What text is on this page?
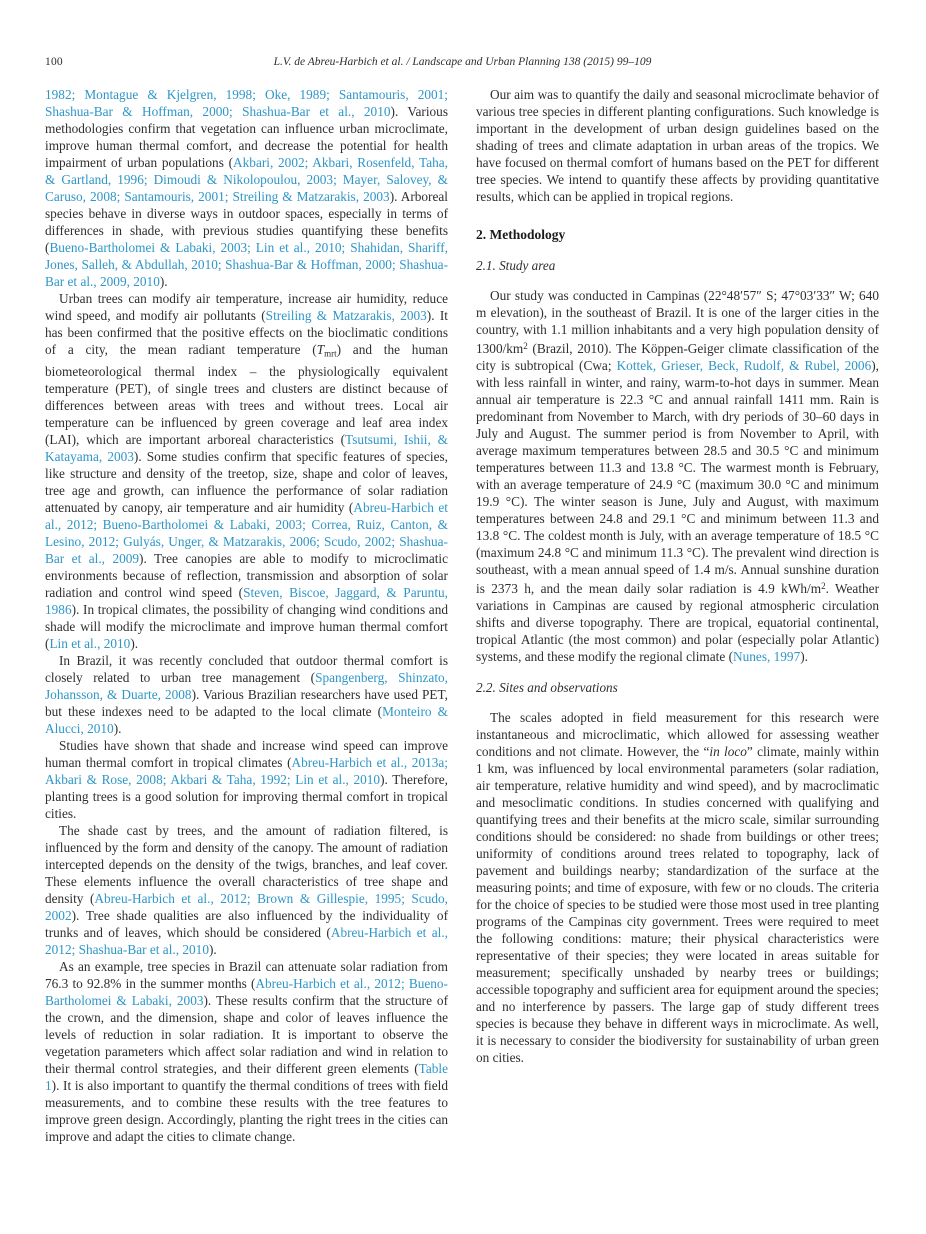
100	L.V. de Abreu-Harbich et al. / Landscape and Urban Planning 138 (2015) 99–109

1982; Montague & Kjelgren, 1998; Oke, 1989; Santamouris, 2001; Shashua-Bar & Hoffman, 2000; Shashua-Bar et al., 2010). Various methodologies confirm that vegetation can influence urban microclimate, improve human thermal comfort, and decrease the potential for health impairment of urban populations (Akbari, 2002; Akbari, Rosenfeld, Taha, & Gartland, 1996; Dimoudi & Nikolopoulou, 2003; Mayer, Salovey, & Caruso, 2008; Santamouris, 2001; Streiling & Matzarakis, 2003). Arboreal species behave in diverse ways in outdoor spaces, especially in terms of differences in shade, with previous studies quantifying these benefits (Bueno-Bartholomei & Labaki, 2003; Lin et al., 2010; Shahidan, Shariff, Jones, Salleh, & Abdullah, 2010; Shashua-Bar & Hoffman, 2000; Shashua-Bar et al., 2009, 2010).

Urban trees can modify air temperature, increase air humidity, reduce wind speed, and modify air pollutants (Streiling & Matzarakis, 2003). It has been confirmed that the positive effects on the bioclimatic conditions of a city, the mean radiant temperature (Tmrt) and the human biometeorological thermal index – the physiologically equivalent temperature (PET), of single trees and clusters are distinct because of differences between areas with trees and without trees. Local air temperature can be influenced by green coverage and leaf area index (LAI), which are important arboreal characteristics (Tsutsumi, Ishii, & Katayama, 2003). Some studies confirm that specific features of species, like structure and density of the treetop, size, shape and color of leaves, tree age and growth, can influence the performance of solar radiation attenuated by canopy, air temperature and air humidity (Abreu-Harbich et al., 2012; Bueno-Bartholomei & Labaki, 2003; Correa, Ruiz, Canton, & Lesino, 2012; Gulyás, Unger, & Matzarakis, 2006; Scudo, 2002; Shashua-Bar et al., 2009). Tree canopies are able to modify to microclimatic environments because of reflection, transmission and absorption of solar radiation and control wind speed (Steven, Biscoe, Jaggard, & Paruntu, 1986). In tropical climates, the possibility of changing wind conditions and shade will modify the microclimate and improve human thermal comfort (Lin et al., 2010).

In Brazil, it was recently concluded that outdoor thermal comfort is closely related to urban tree management (Spangenberg, Shinzato, Johansson, & Duarte, 2008). Various Brazilian researchers have used PET, but these indexes need to be adapted to the local climate (Monteiro & Alucci, 2010).

Studies have shown that shade and increase wind speed can improve human thermal comfort in tropical climates (Abreu-Harbich et al., 2013a; Akbari & Rose, 2008; Akbari & Taha, 1992; Lin et al., 2010). Therefore, planting trees is a good solution for improving thermal comfort in tropical cities.

The shade cast by trees, and the amount of radiation filtered, is influenced by the form and density of the canopy. The amount of radiation intercepted depends on the density of the twigs, branches, and leaf cover. These elements influence the overall characteristics of tree shape and density (Abreu-Harbich et al., 2012; Brown & Gillespie, 1995; Scudo, 2002). Tree shade qualities are also influenced by the individuality of trunks and of leaves, which should be considered (Abreu-Harbich et al., 2012; Shashua-Bar et al., 2010).

As an example, tree species in Brazil can attenuate solar radiation from 76.3 to 92.8% in the summer months (Abreu-Harbich et al., 2012; Bueno-Bartholomei & Labaki, 2003). These results confirm that the structure of the crown, and the dimension, shape and color of leaves influence the levels of reduction in solar radiation. It is important to observe the vegetation parameters which affect solar radiation and wind in relation to their thermal control strategies, and their different green elements (Table 1). It is also important to quantify the thermal conditions of trees with field measurements, and to combine these results with the tree features to improve green design. Accordingly, planting the right trees in the cities can improve and adapt the cities to climate change.

Our aim was to quantify the daily and seasonal microclimate behavior of various tree species in different planting configurations. Such knowledge is important in the development of urban design guidelines based on the shading of trees and climate adaptation in urban areas of the tropics. We have focused on thermal comfort of humans based on the PET for different tree species. We intend to quantify these affects by providing quantitative results, which can be applied in tropical regions.

2. Methodology
2.1. Study area

Our study was conducted in Campinas (22°48′57″ S; 47°03′33″ W; 640 m elevation), in the southeast of Brazil. It is one of the larger cities in the country, with 1.1 million inhabitants and a very high population density of $1300/km^2$ (Brazil, 2010). The Köppen-Geiger climate classification of the city is subtropical (Cwa; Kottek, Grieser, Beck, Rudolf, & Rubel, 2006), with less rainfall in winter, and rainy, warm-to-hot days in summer. Mean annual air temperature is 22.3 °C and annual rainfall 1411 mm. Rain is predominant from November to March, with dry periods of 30–60 days in July and August. The summer period is from November to April, with average maximum temperatures between 28.5 and 30.5 °C and minimum temperatures between 11.3 and 13.8 °C. The warmest month is February, with an average temperature of 24.9 °C (maximum 30.0 °C and minimum 19.9 °C). The winter season is June, July and August, with maximum temperatures between 24.8 and 29.1 °C and minimum between 11.3 and 13.8 °C. The coldest month is July, with an average temperature of 18.5 °C (maximum 24.8 °C and minimum 11.3 °C). The prevalent wind direction is southeast, with a mean annual speed of 1.4 m/s. Annual sunshine duration is 2373 h, and the mean daily solar radiation is 4.9 kWh/$m^2$. Weather variations in Campinas are caused by regional atmospheric circulation shifts and diverse topography. There are tropical, equatorial continental, tropical Atlantic (the most common) and polar (especially polar Atlantic) systems, and these modify the regional climate (Nunes, 1997).

2.2. Sites and observations

The scales adopted in field measurement for this research were instantaneous and microclimatic, which allowed for assessing weather conditions and not climate. However, the “in loco” climate, mainly within 1 km, was influenced by local environmental parameters (solar radiation, air temperature, relative humidity and wind speed), and by macroclimatic and mesoclimatic conditions. In studies concerned with qualifying and quantifying trees and their benefits at the micro scale, similar surrounding conditions should be considered: no shade from buildings or other trees; uniformity of conditions around trees related to topography, lack of pavement and buildings nearby; standardization of the surface at the measuring points; and time of exposure, with few or no clouds. The criteria for the choice of species to be studied were those most used in tree planting programs of the Campinas city government. Trees were required to meet the following conditions: mature; their physical characteristics were representative of their species; they were located in areas suitable for measurement; specifically unshaded by nearby trees or buildings; accessible topography and sufficient area for equipment around the species; and no interference by passers. The large gap of study different trees species is because they behave in different ways in microclimate. As well, it is necessary to consider the biodiversity for sustainability of urban green on cities.
